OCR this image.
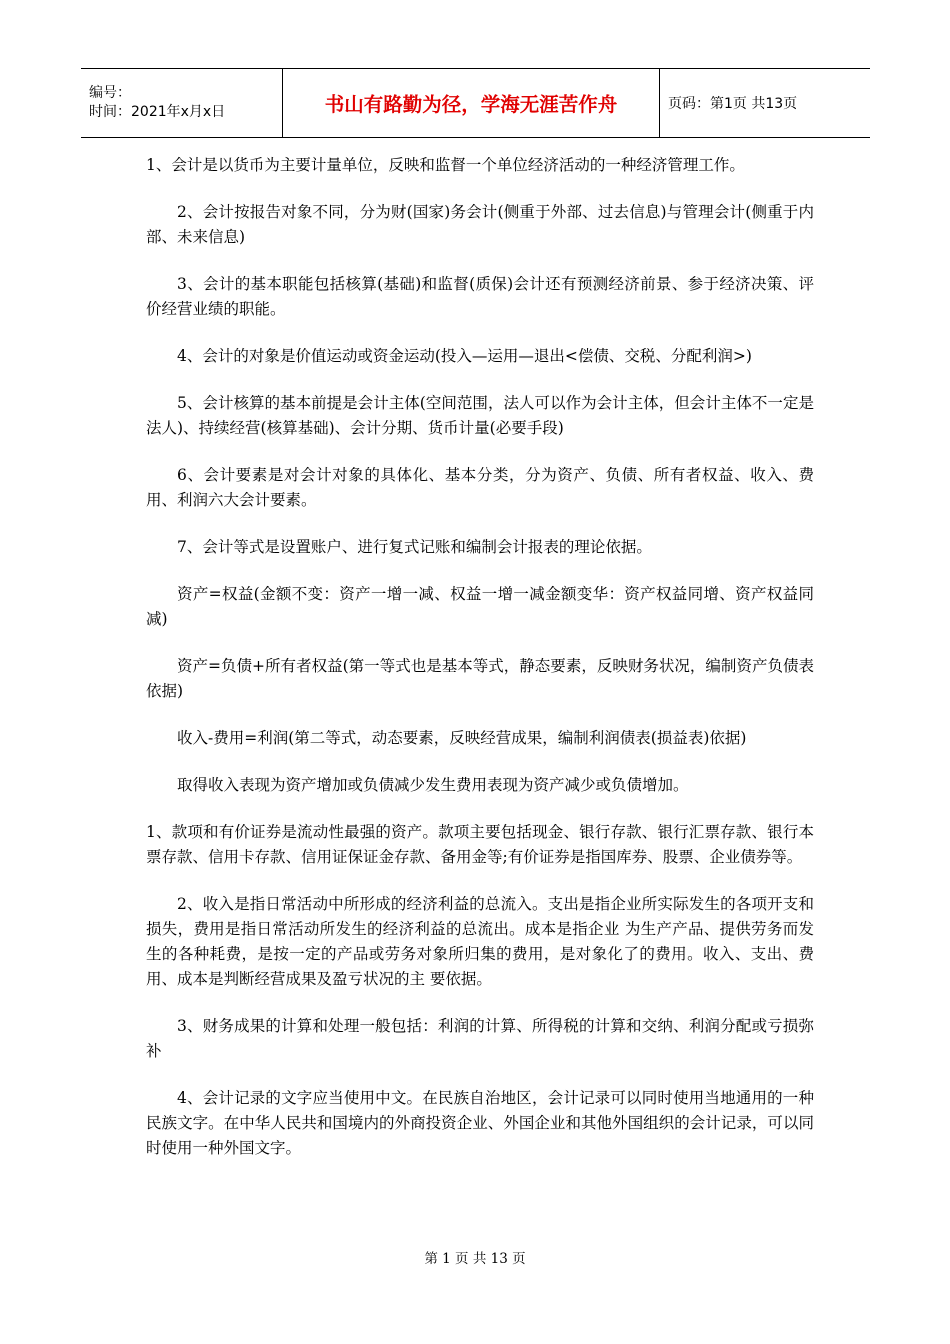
编号：
时间：2021年x月x日	书山有路勤为径，学海无涯苦作舟	页码：第1页 共13页

1、会计是以货币为主要计量单位，反映和监督一个单位经济活动的一种经济管理工作。

2、会计按报告对象不同，分为财(国家)务会计(侧重于外部、过去信息)与管理会计(侧重于内部、未来信息)

3、会计的基本职能包括核算(基础)和监督(质保)会计还有预测经济前景、参于经济决策、评价经营业绩的职能。

4、会计的对象是价值运动或资金运动(投入—运用—退出<偿债、交税、分配利润>)

5、会计核算的基本前提是会计主体(空间范围，法人可以作为会计主体，但会计主体不一定是法人)、持续经营(核算基础)、会计分期、货币计量(必要手段)

6、会计要素是对会计对象的具体化、基本分类，分为资产、负债、所有者权益、收入、费用、利润六大会计要素。

7、会计等式是设置账户、进行复式记账和编制会计报表的理论依据。

资产=权益(金额不变：资产一增一减、权益一增一减金额变华：资产权益同增、资产权益同减)

资产=负债+所有者权益(第一等式也是基本等式，静态要素，反映财务状况，编制资产负债表依据)

收入-费用=利润(第二等式，动态要素，反映经营成果，编制利润债表(损益表)依据)

取得收入表现为资产增加或负债减少发生费用表现为资产减少或负债增加。

1、款项和有价证券是流动性最强的资产。款项主要包括现金、银行存款、银行汇票存款、银行本票存款、信用卡存款、信用证保证金存款、备用金等;有价证券是指国库券、股票、企业债券等。

2、收入是指日常活动中所形成的经济利益的总流入。支出是指企业所实际发生的各项开支和损失，费用是指日常活动所发生的经济利益的总流出。成本是指企业 为生产产品、提供劳务而发生的各种耗费，是按一定的产品或劳务对象所归集的费用，是对象化了的费用。收入、支出、费用、成本是判断经营成果及盈亏状况的主 要依据。

3、财务成果的计算和处理一般包括：利润的计算、所得税的计算和交纳、利润分配或亏损弥补

4、会计记录的文字应当使用中文。在民族自治地区，会计记录可以同时使用当地通用的一种民族文字。在中华人民共和国境内的外商投资企业、外国企业和其他外国组织的会计记录，可以同时使用一种外国文字。

第 1 页 共 13 页
